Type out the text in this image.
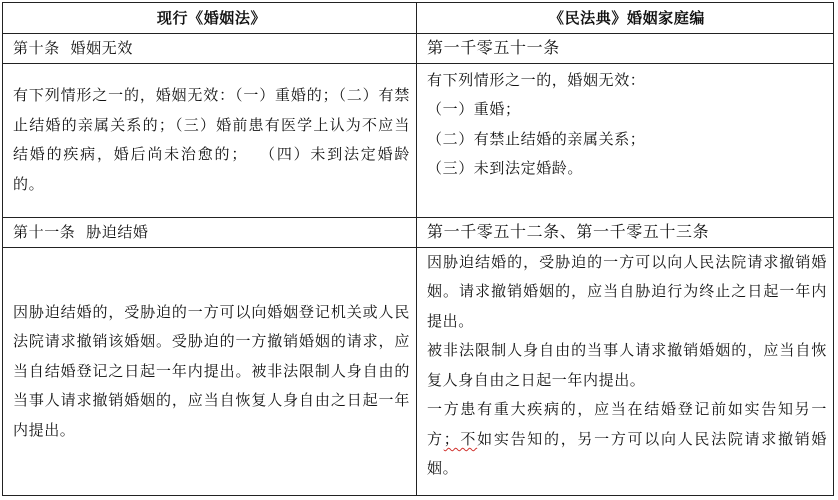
现行《婚姻法》	《民法典》婚姻家庭编
第十条  婚姻无效	第一千零五十一条
有下列情形之一的，婚姻无效：（一）重婚的；（二）有禁止结婚的亲属关系的；（三）婚前患有医学上认为不应当结婚的疾病，婚后尚未治愈的；  （四）未到法定婚龄的。	有下列情形之一的，婚姻无效：
（一）重婚；
（二）有禁止结婚的亲属关系；
（三）未到法定婚龄。

第十一条  胁迫结婚	第一千零五十二条、第一千零五十三条
因胁迫结婚的，受胁迫的一方可以向婚姻登记机关或人民法院请求撤销该婚姻。受胁迫的一方撤销婚姻的请求，应当自结婚登记之日起一年内提出。被非法限制人身自由的当事人请求撤销婚姻的，应当自恢复人身自由之日起一年内提出。	因胁迫结婚的，受胁迫的一方可以向人民法院请求撤销婚姻。请求撤销婚姻的，应当自胁迫行为终止之日起一年内提出。
被非法限制人身自由的当事人请求撤销婚姻的，应当自恢复人身自由之日起一年内提出。
一方患有重大疾病的，应当在结婚登记前如实告知另一方；不如实告知的，另一方可以向人民法院请求撤销婚姻。
